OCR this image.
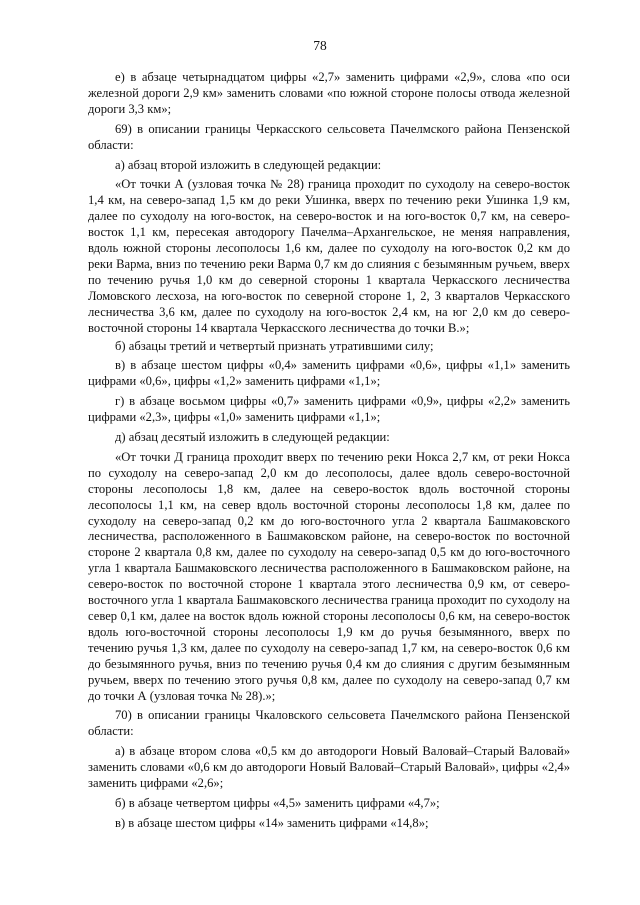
78

е) в абзаце четырнадцатом цифры «2,7» заменить цифрами «2,9», слова «по оси железной дороги 2,9 км» заменить словами «по южной стороне полосы отвода железной дороги 3,3 км»;

69) в описании границы Черкасского сельсовета Пачелмского района Пензенской области:

а) абзац второй изложить в следующей редакции:

«От точки А (узловая точка № 28) граница проходит по суходолу на северо-восток 1,4 км, на северо-запад 1,5 км до реки Ушинка, вверх по течению реки Ушинка 1,9 км, далее по суходолу на юго-восток, на северо-восток и на юго-восток 0,7 км, на северо-восток 1,1 км, пересекая автодорогу Пачелма–Архангельское, не меняя направления, вдоль южной стороны лесополосы 1,6 км, далее по суходолу на юго-восток 0,2 км до реки Варма, вниз по течению реки Варма 0,7 км до слияния с безымянным ручьем, вверх по течению ручья 1,0 км до северной стороны 1 квартала Черкасского лесничества Ломовского лесхоза, на юго-восток по северной стороне 1, 2, 3 кварталов Черкасского лесничества 3,6 км, далее по суходолу на юго-восток 2,4 км, на юг 2,0 км до северо-восточной стороны 14 квартала Черкасского лесничества до точки В.»;

б) абзацы третий и четвертый признать утратившими силу;

в) в абзаце шестом цифры «0,4» заменить цифрами «0,6», цифры «1,1» заменить цифрами «0,6», цифры «1,2» заменить цифрами «1,1»;

г) в абзаце восьмом цифры «0,7» заменить цифрами «0,9», цифры «2,2» заменить цифрами «2,3», цифры «1,0» заменить цифрами «1,1»;

д) абзац десятый изложить в следующей редакции:

«От точки Д граница проходит вверх по течению реки Нокса 2,7 км, от реки Нокса по суходолу на северо-запад 2,0 км до лесополосы, далее вдоль северо-восточной стороны лесополосы 1,8 км, далее на северо-восток вдоль восточной стороны лесополосы 1,1 км, на север вдоль восточной стороны лесополосы 1,8 км, далее по суходолу на северо-запад 0,2 км до юго-восточного угла 2 квартала Башмаковского лесничества, расположенного в Башмаковском районе, на северо-восток по восточной стороне 2 квартала 0,8 км, далее по суходолу на северо-запад 0,5 км до юго-восточного угла 1 квартала Башмаковского лесничества расположенного в Башмаковском районе, на северо-восток по восточной стороне 1 квартала этого лесничества 0,9 км, от северо-восточного угла 1 квартала Башмаковского лесничества граница проходит по суходолу на север 0,1 км, далее на восток вдоль южной стороны лесополосы 0,6 км, на северо-восток вдоль юго-восточной стороны лесополосы 1,9 км до ручья безымянного, вверх по течению ручья 1,3 км, далее по суходолу на северо-запад 1,7 км, на северо-восток 0,6 км до безымянного ручья, вниз по течению ручья 0,4 км до слияния с другим безымянным ручьем, вверх по течению этого ручья 0,8 км, далее по суходолу на северо-запад 0,7 км до точки А (узловая точка № 28).»;

70) в описании границы Чкаловского сельсовета Пачелмского района Пензенской области:

а) в абзаце втором слова «0,5 км до автодороги Новый Валовай–Старый Валовай» заменить словами «0,6 км до автодороги Новый Валовай–Старый Валовай», цифры «2,4» заменить цифрами «2,6»;

б) в абзаце четвертом цифры «4,5» заменить цифрами «4,7»;

в) в абзаце шестом цифры «14» заменить цифрами «14,8»;
